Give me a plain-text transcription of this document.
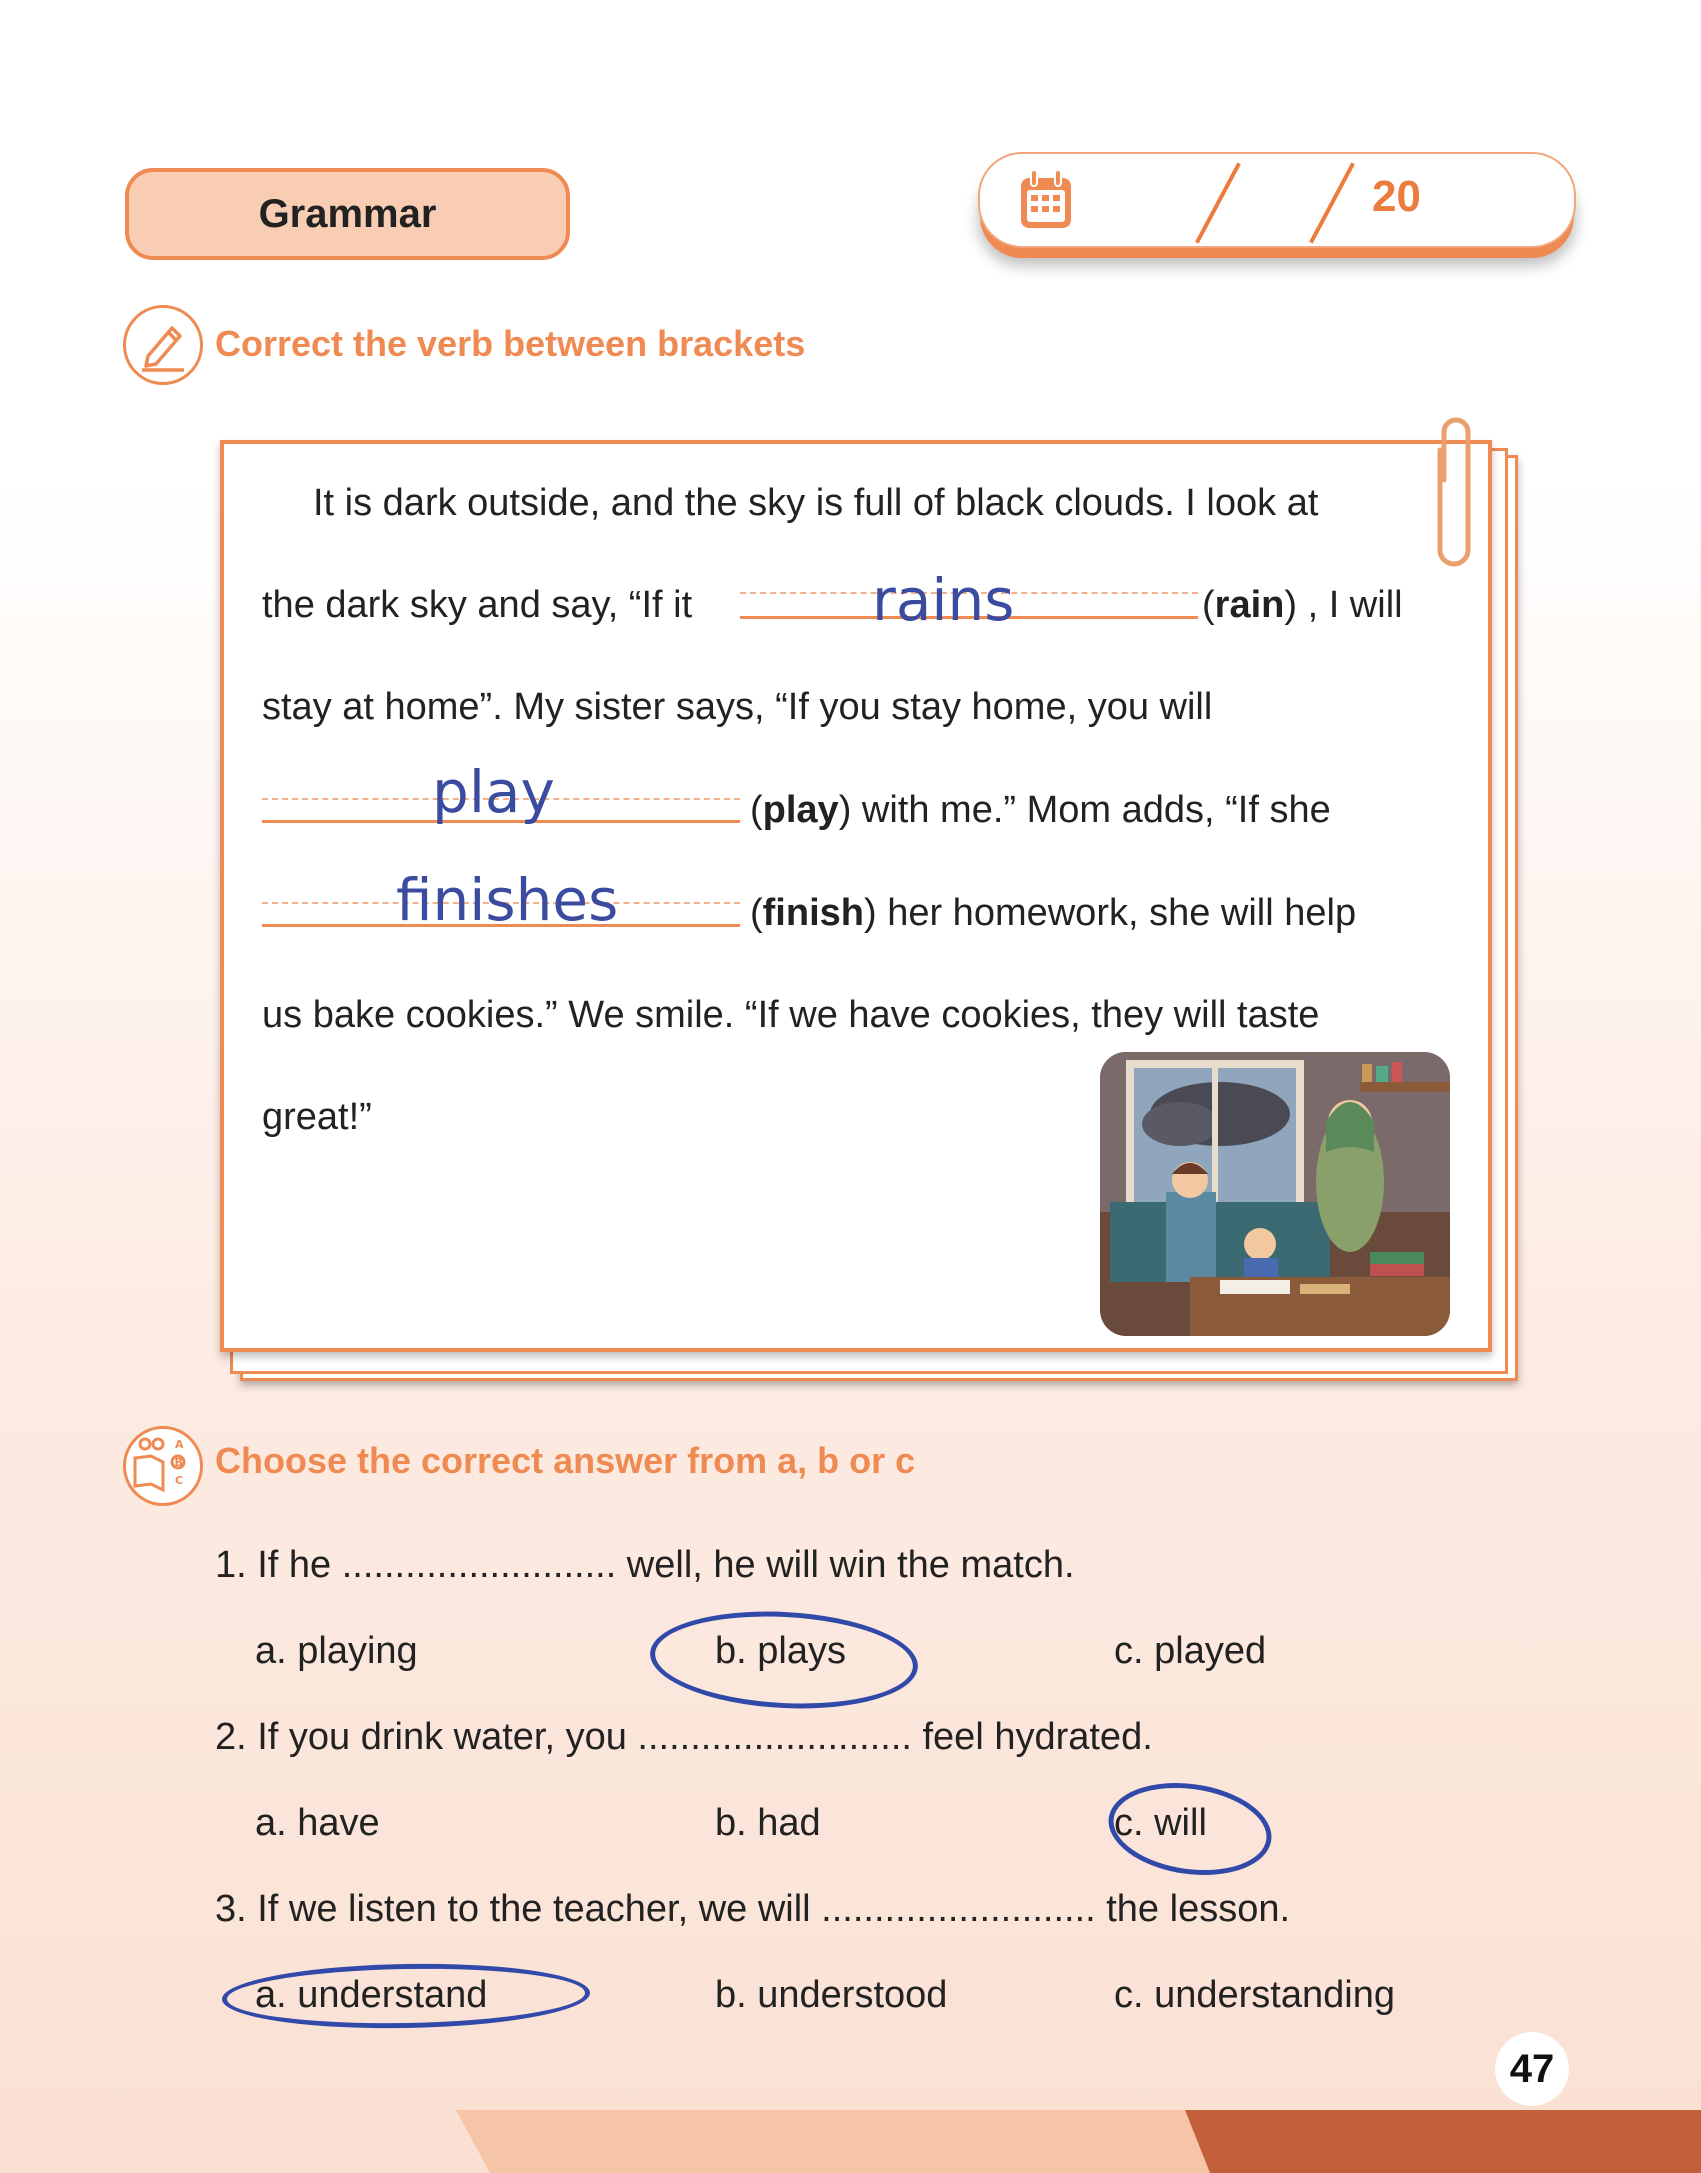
Grammar	20
Correct the verb between brackets
It is dark outside, and the sky is full of black clouds. I look at
the dark sky and say, “If it	rains	(rain) , I will
stay at home”. My sister says, “If you stay home, you will
play	(play) with me.” Mom adds, “If she
finishes	(finish) her homework, she will help
us bake cookies.” We smile. “If we have cookies, they will taste
great!”
A
B
C Choose the correct answer from a, b or c
1. If he .......................... well, he will win the match.
a. playing	b. plays	c. played
2. If you drink water, you .......................... feel hydrated.
a. have	b. had	c. will
3. If we listen to the teacher, we will .......................... the lesson.
a. understand	b. understood	c. understanding
47
